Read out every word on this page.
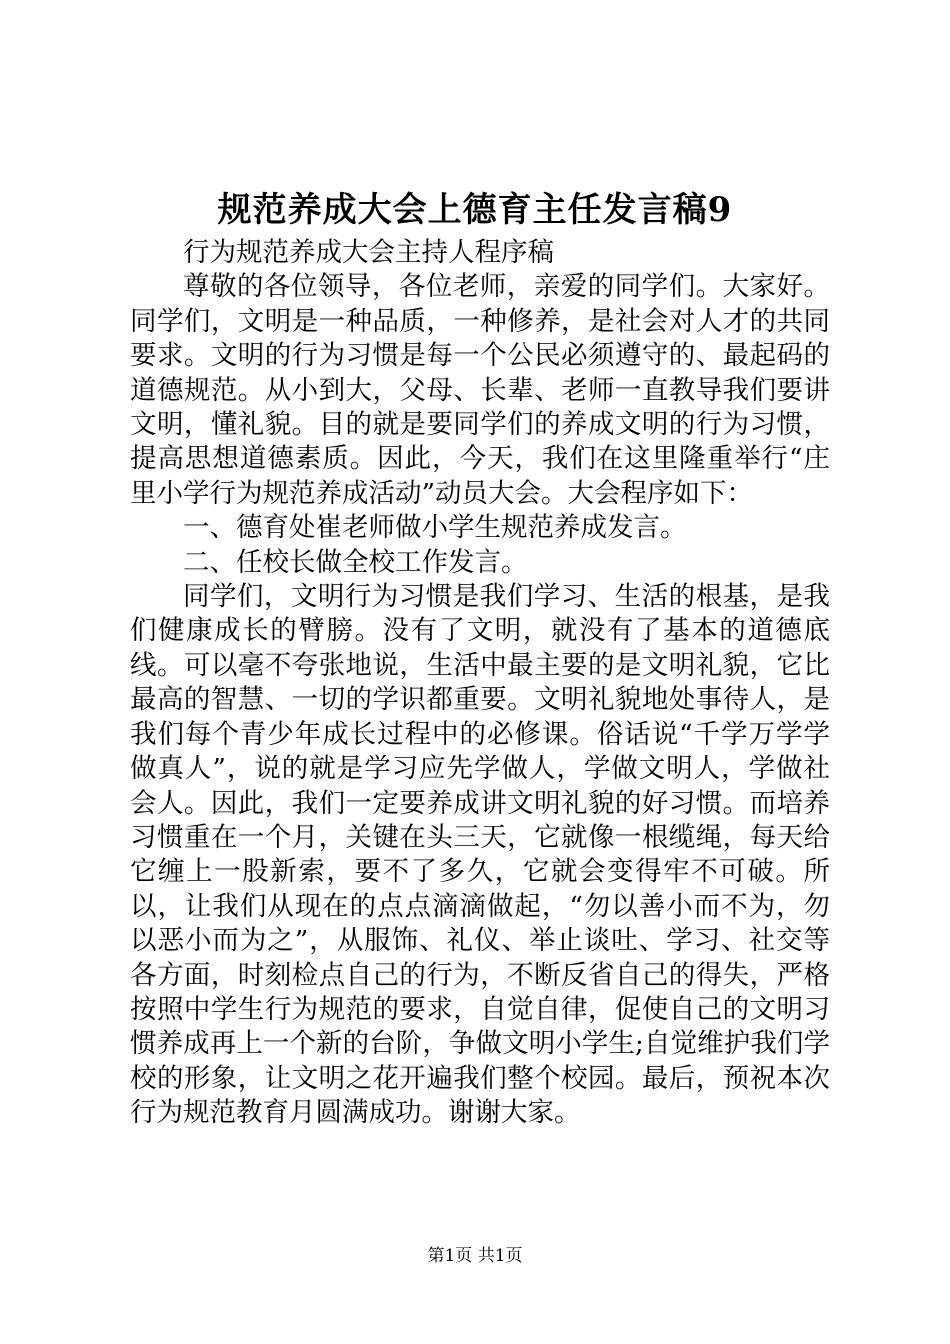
规范养成大会上德育主任发言稿9

行为规范养成大会主持人程序稿

尊敬的各位领导，各位老师，亲爱的同学们。大家好。同学们，文明是一种品质，一种修养，是社会对人才的共同要求。文明的行为习惯是每一个公民必须遵守的、最起码的道德规范。从小到大，父母、长辈、老师一直教导我们要讲文明，懂礼貌。目的就是要同学们的养成文明的行为习惯，提高思想道德素质。因此，今天，我们在这里隆重举行“庄里小学行为规范养成活动”动员大会。大会程序如下：

一、德育处崔老师做小学生规范养成发言。

二、任校长做全校工作发言。

同学们，文明行为习惯是我们学习、生活的根基，是我们健康成长的臂膀。没有了文明，就没有了基本的道德底线。可以毫不夸张地说，生活中最主要的是文明礼貌，它比最高的智慧、一切的学识都重要。文明礼貌地处事待人，是我们每个青少年成长过程中的必修课。俗话说“千学万学学做真人”，说的就是学习应先学做人，学做文明人，学做社会人。因此，我们一定要养成讲文明礼貌的好习惯。而培养习惯重在一个月，关键在头三天，它就像一根缆绳，每天给它缠上一股新索，要不了多久，它就会变得牢不可破。所以，让我们从现在的点点滴滴做起，“勿以善小而不为，勿以恶小而为之”，从服饰、礼仪、举止谈吐、学习、社交等各方面，时刻检点自己的行为，不断反省自己的得失，严格按照中学生行为规范的要求，自觉自律，促使自己的文明习惯养成再上一个新的台阶，争做文明小学生;自觉维护我们学校的形象，让文明之花开遍我们整个校园。最后，预祝本次行为规范教育月圆满成功。谢谢大家。

第1页 共1页
